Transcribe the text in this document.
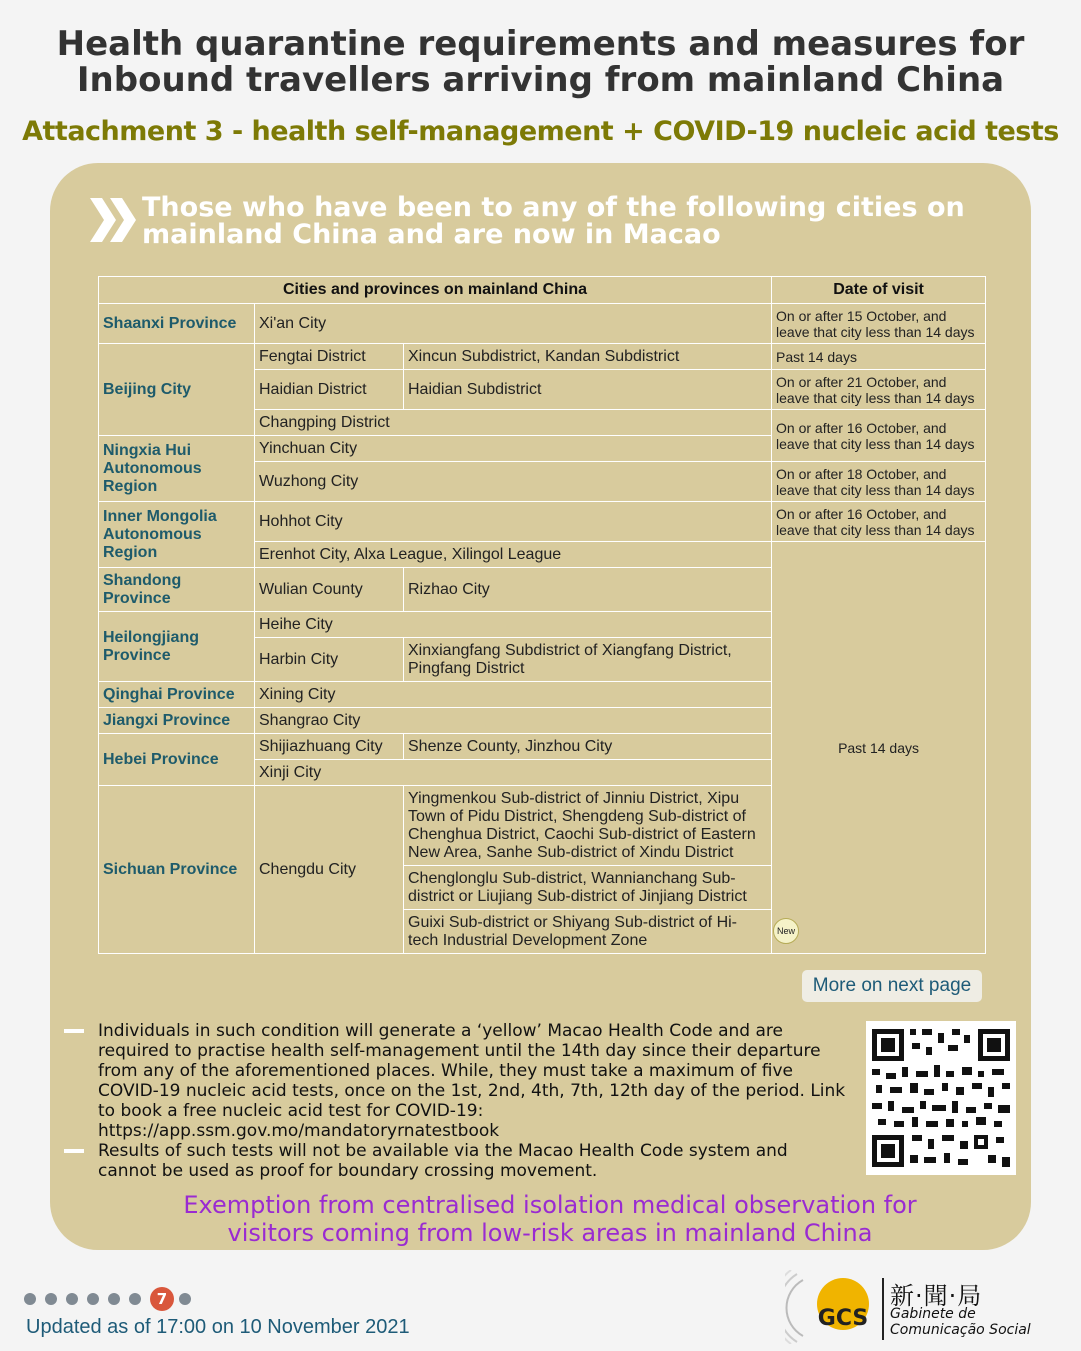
Health quarantine requirements and measures for
Inbound travellers arriving from mainland China
Attachment 3 - health self-management + COVID-19 nucleic acid tests
Those who have been to any of the following cities on
mainland China and are now in Macao
Cities and provinces on mainland China			Date of visit
Shaanxi Province	Xi'an City		On or after 15 October, and leave that city less than 14 days
Beijing City	Fengtai District	Xincun Subdistrict, Kandan Subdistrict	Past 14 days
	Haidian District	Haidian Subdistrict	On or after 21 October, and leave that city less than 14 days
	Changping District		On or after 16 October, and leave that city less than 14 days
Ningxia Hui Autonomous Region	Yinchuan City		
	Wuzhong City		On or after 18 October, and leave that city less than 14 days
Inner Mongolia Autonomous Region	Hohhot City		On or after 16 October, and leave that city less than 14 days
	Erenhot City, Alxa League, Xilingol League		Past 14 days
Shandong Province	Wulian County	Rizhao City	
Heilongjiang Province	Heihe City		
	Harbin City	Xinxiangfang Subdistrict of Xiangfang District, Pingfang District	
Qinghai Province	Xining City		
Jiangxi Province	Shangrao City		
Hebei Province	Shijiazhuang City	Shenze County, Jinzhou City	
	Xinji City		
Sichuan Province	Chengdu City	Yingmenkou Sub-district of Jinniu District, Xipu Town of Pidu District, Shengdeng Sub-district of Chenghua District, Caochi Sub-district of Eastern New Area, Sanhe Sub-district of Xindu District	
		Chenglonglu Sub-district, Wannianchang Sub-district or Liujiang Sub-district of Jinjiang District	
		Guixi Sub-district or Shiyang Sub-district of Hi-tech Industrial Development Zone	
New
More on next page
Individuals in such condition will generate a ‘yellow’ Macao Health Code and are required to practise health self-management until the 14th day since their departure from any of the aforementioned places. While, they must take a maximum of five COVID-19 nucleic acid tests, once on the 1st, 2nd, 4th, 7th, 12th day of the period. Link to book a free nucleic acid test for COVID-19: https://app.ssm.gov.mo/mandatoryrnatestbook
Results of such tests will not be available via the Macao Health Code system and cannot be used as proof for boundary crossing movement.
Exemption from centralised isolation medical observation for
visitors coming from low-risk areas in mainland China
7
Updated as of 17:00 on 10 November 2021	GCS
新·聞·局
Gabinete de
Comunicação Social
